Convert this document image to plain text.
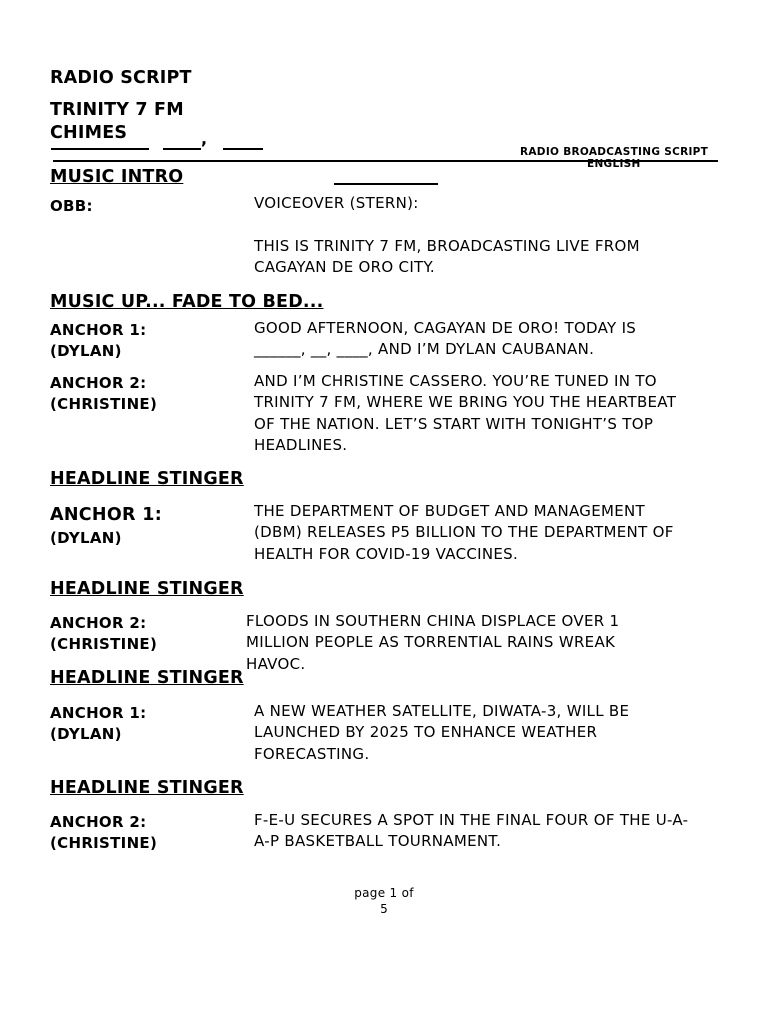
RADIO SCRIPT
TRINITY 7 FM
CHIMES	,
RADIO BROADCASTING SCRIPT
ENGLISH
MUSIC INTRO
OBB:	VOICEOVER (STERN):
THIS IS TRINITY 7 FM, BROADCASTING LIVE FROM CAGAYAN DE ORO CITY.
MUSIC UP... FADE TO BED...
ANCHOR 1:
(DYLAN)
GOOD AFTERNOON, CAGAYAN DE ORO! TODAY IS ______, __, ____, AND I’M DYLAN CAUBANAN.
ANCHOR 2:
(CHRISTINE)
AND I’M CHRISTINE CASSERO. YOU’RE TUNED IN TO TRINITY 7 FM, WHERE WE BRING YOU THE HEARTBEAT OF THE NATION. LET’S START WITH TONIGHT’S TOP HEADLINES.
HEADLINE STINGER
ANCHOR 1:
(DYLAN)
THE DEPARTMENT OF BUDGET AND MANAGEMENT (DBM) RELEASES P5 BILLION TO THE DEPARTMENT OF HEALTH FOR COVID-19 VACCINES.
HEADLINE STINGER
ANCHOR 2:
(CHRISTINE)
FLOODS IN SOUTHERN CHINA DISPLACE OVER 1 MILLION PEOPLE AS TORRENTIAL RAINS WREAK HAVOC.
HEADLINE STINGER
ANCHOR 1:
(DYLAN)
A NEW WEATHER SATELLITE, DIWATA-3, WILL BE LAUNCHED BY 2025 TO ENHANCE WEATHER FORECASTING.
HEADLINE STINGER
ANCHOR 2:
(CHRISTINE)
F-E-U SECURES A SPOT IN THE FINAL FOUR OF THE U-A-A-P BASKETBALL TOURNAMENT.
page 1 of
5
